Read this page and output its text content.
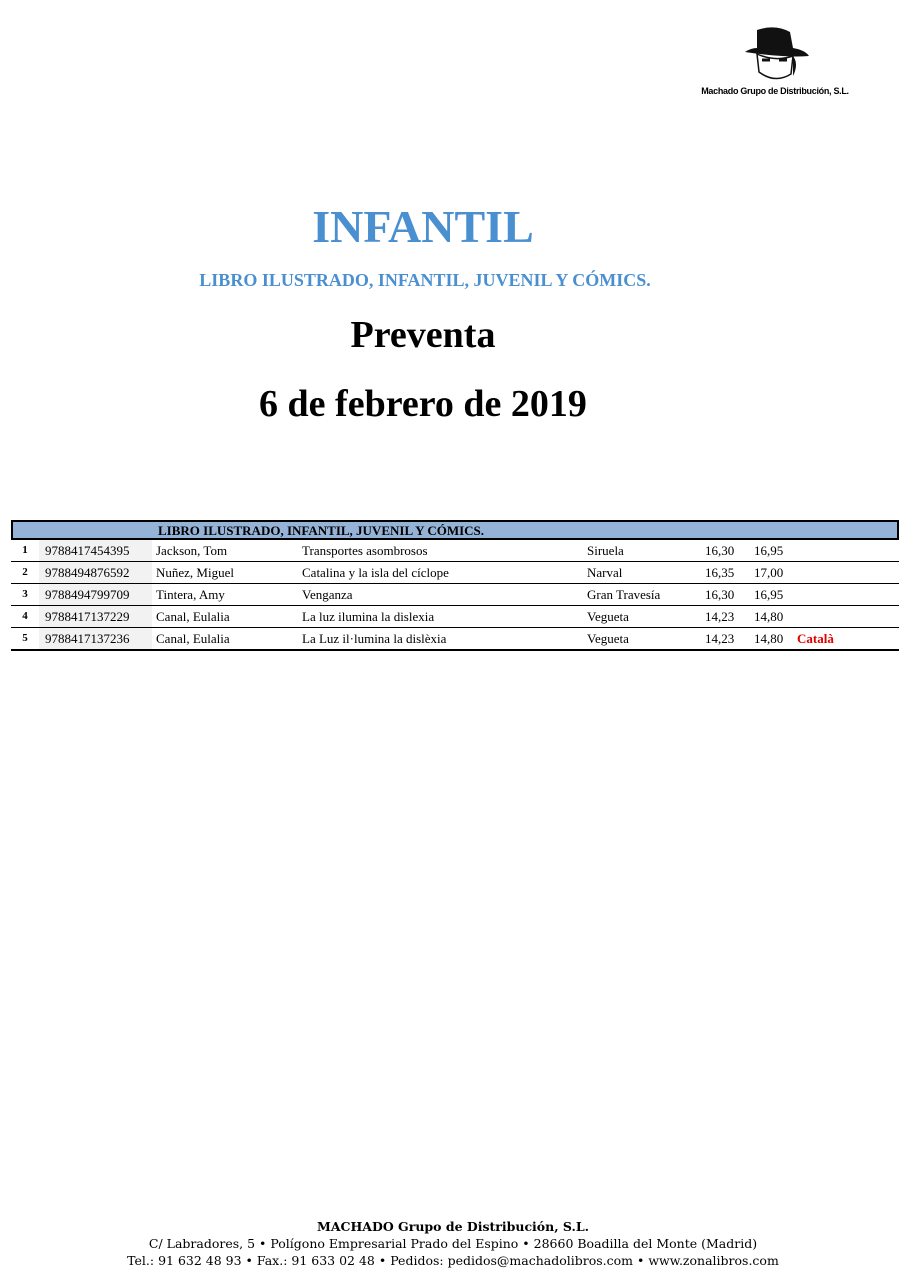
Machado Grupo de Distribución, S.L.
INFANTIL
LIBRO ILUSTRADO, INFANTIL, JUVENIL Y CÓMICS.
Preventa
6 de febrero de 2019
LIBRO ILUSTRADO, INFANTIL, JUVENIL Y CÓMICS.
1	9788417454395	Jackson, Tom	Transportes asombrosos	Siruela	16,30 16,95
2	9788494876592	Nuñez, Miguel	Catalina y la isla del cíclope	Narval	16,35 17,00
3	9788494799709	Tintera, Amy	Venganza	Gran Travesía	16,30 16,95
4	9788417137229	Canal, Eulalia	La luz ilumina la dislexia	Vegueta	14,23 14,80
5	9788417137236	Canal, Eulalia	La Luz il·lumina la dislèxia	Vegueta	14,23 14,80 Català
MACHADO Grupo de Distribución, S.L.
C/ Labradores, 5 • Polígono Empresarial Prado del Espino • 28660 Boadilla del Monte (Madrid)
Tel.: 91 632 48 93 • Fax.: 91 633 02 48 • Pedidos: pedidos@machadolibros.com • www.zonalibros.com
